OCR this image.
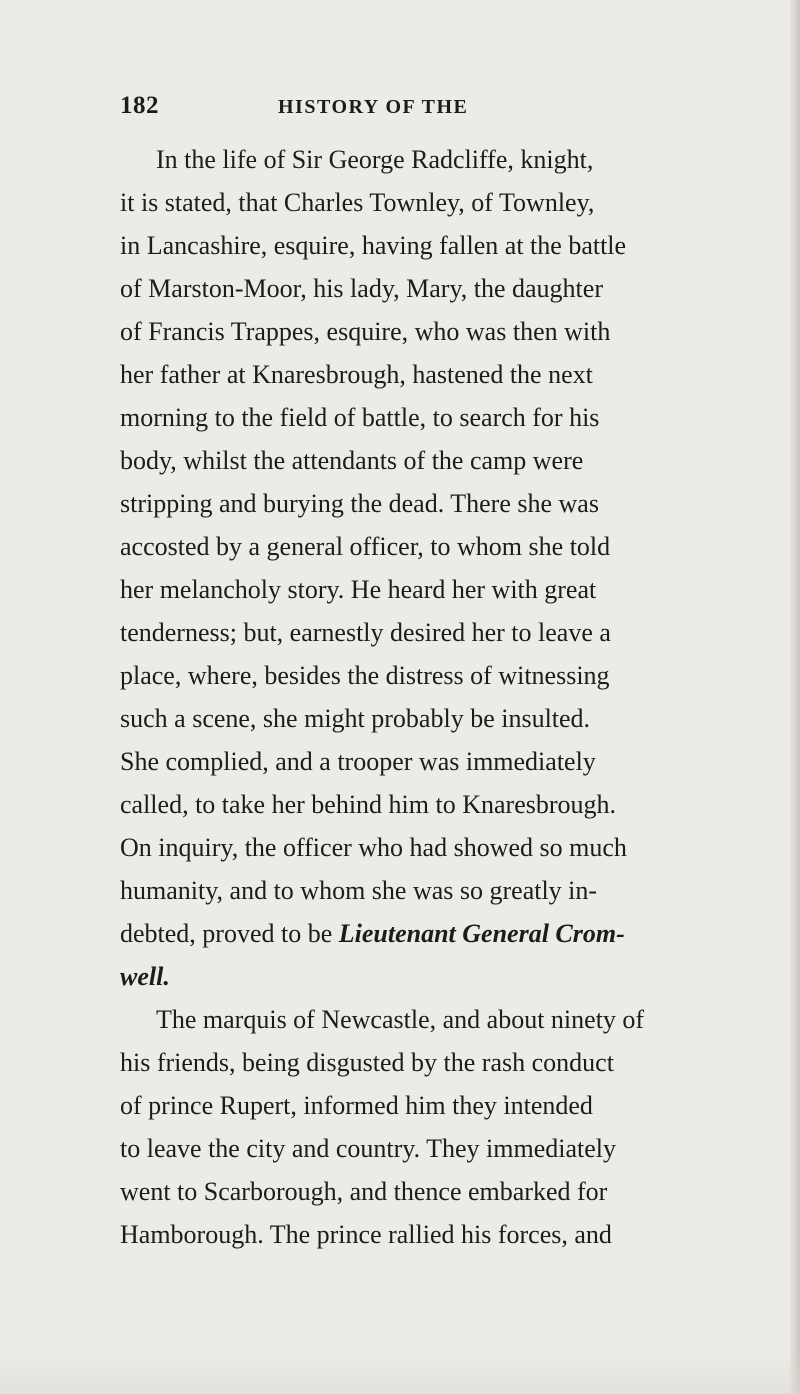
182	HISTORY OF THE
In the life of Sir George Radcliffe, knight,
it is stated, that Charles Townley, of Townley,
in Lancashire, esquire, having fallen at the battle
of Marston-Moor, his lady, Mary, the daughter
of Francis Trappes, esquire, who was then with
her father at Knaresbrough, hastened the next
morning to the field of battle, to search for his
body, whilst the attendants of the camp were
stripping and burying the dead. There she was
accosted by a general officer, to whom she told
her melancholy story. He heard her with great
tenderness; but, earnestly desired her to leave a
place, where, besides the distress of witnessing
such a scene, she might probably be insulted.
She complied, and a trooper was immediately
called, to take her behind him to Knaresbrough.
On inquiry, the officer who had showed so much
humanity, and to whom she was so greatly in-
debted, proved to be Lieutenant General Crom-
well.
The marquis of Newcastle, and about ninety of
his friends, being disgusted by the rash conduct
of prince Rupert, informed him they intended
to leave the city and country. They immediately
went to Scarborough, and thence embarked for
Hamborough. The prince rallied his forces, and
